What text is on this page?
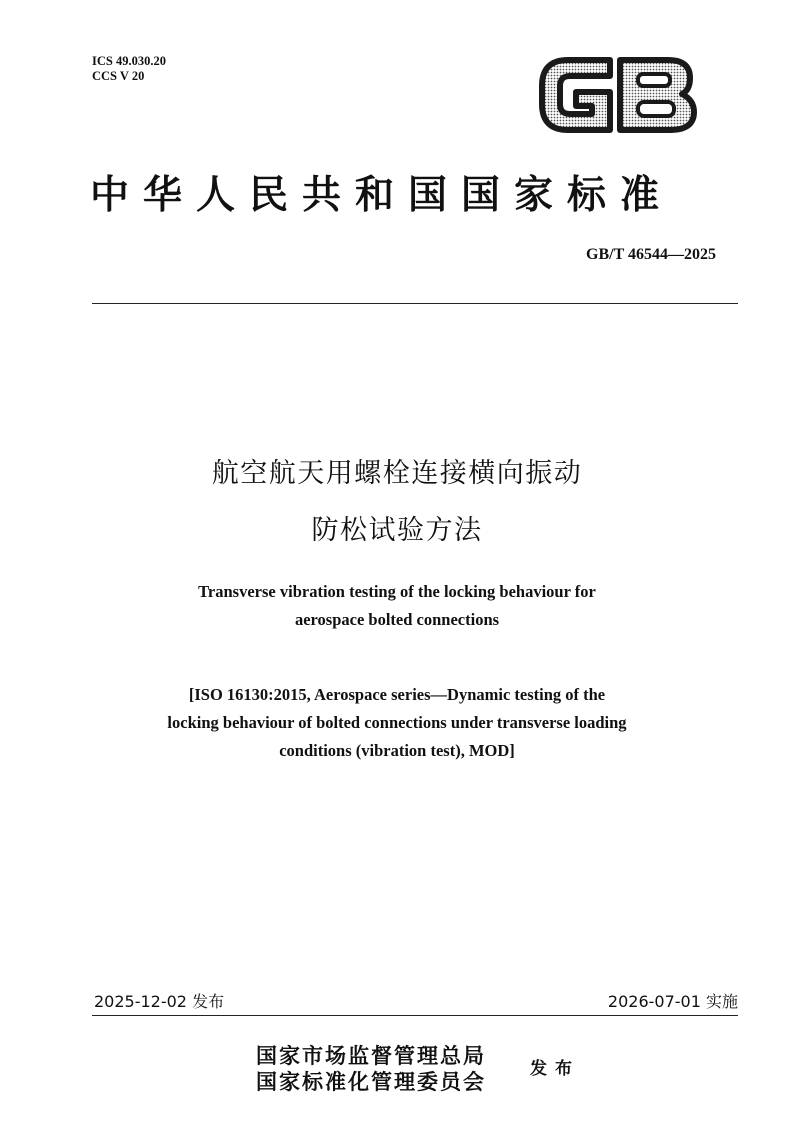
ICS 49.030.20
CCS V 20
中华人民共和国国家标准
GB/T 46544—2025
航空航天用螺栓连接横向振动
防松试验方法
Transverse vibration testing of the locking behaviour for
aerospace bolted connections
[ISO 16130:2015, Aerospace series—Dynamic testing of the
locking behaviour of bolted connections under transverse loading
conditions (vibration test), MOD]
2025-12-02 发布	2026-07-01 实施
国家市场监督管理总局
国家标准化管理委员会	发布
